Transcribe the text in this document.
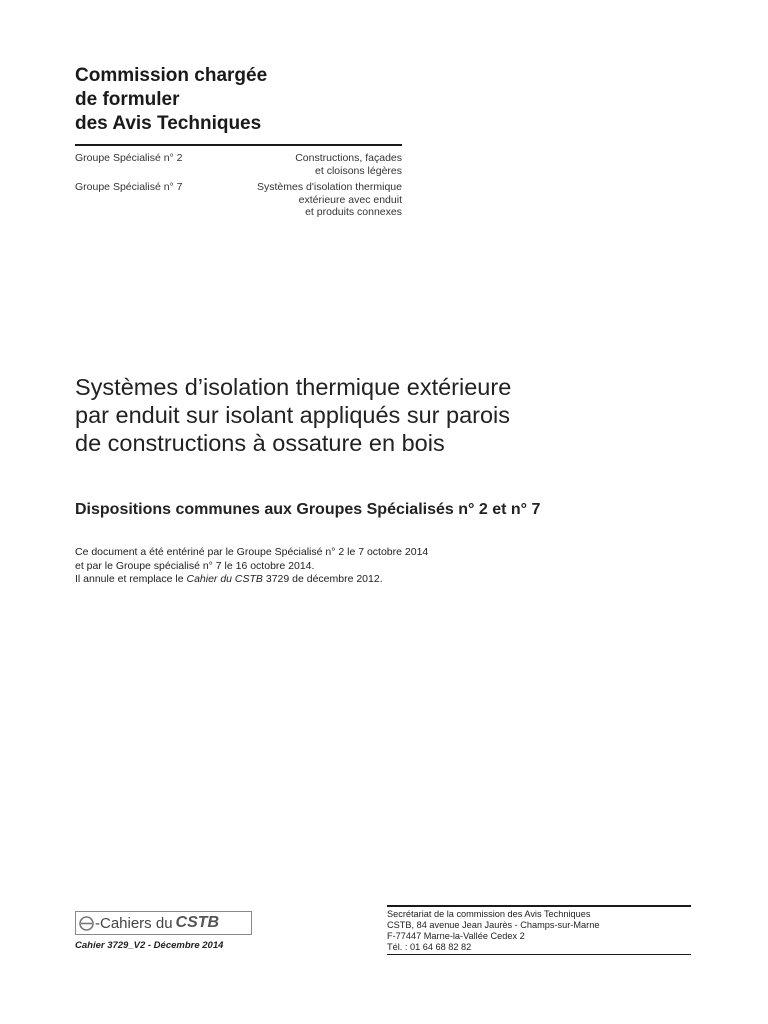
Commission chargée
de formuler
des Avis Techniques
Groupe Spécialisé n° 2	Constructions, façades
et cloisons légères
Groupe Spécialisé n° 7	Systèmes d'isolation thermique
extérieure avec enduit
et produits connexes
Systèmes d’isolation thermique extérieure
par enduit sur isolant appliqués sur parois
de constructions à ossature en bois
Dispositions communes aux Groupes Spécialisés n° 2 et n° 7
Ce document a été entériné par le Groupe Spécialisé n° 2 le 7 octobre 2014
et par le Groupe spécialisé n° 7 le 16 octobre 2014.
Il annule et remplace le Cahier du CSTB 3729 de décembre 2012.
-Cahiers du CSTB
Cahier 3729_V2 - Décembre 2014
Secrétariat de la commission des Avis Techniques
CSTB, 84 avenue Jean Jaurès - Champs-sur-Marne
F-77447 Marne-la-Vallée Cedex 2
Tél. : 01 64 68 82 82
